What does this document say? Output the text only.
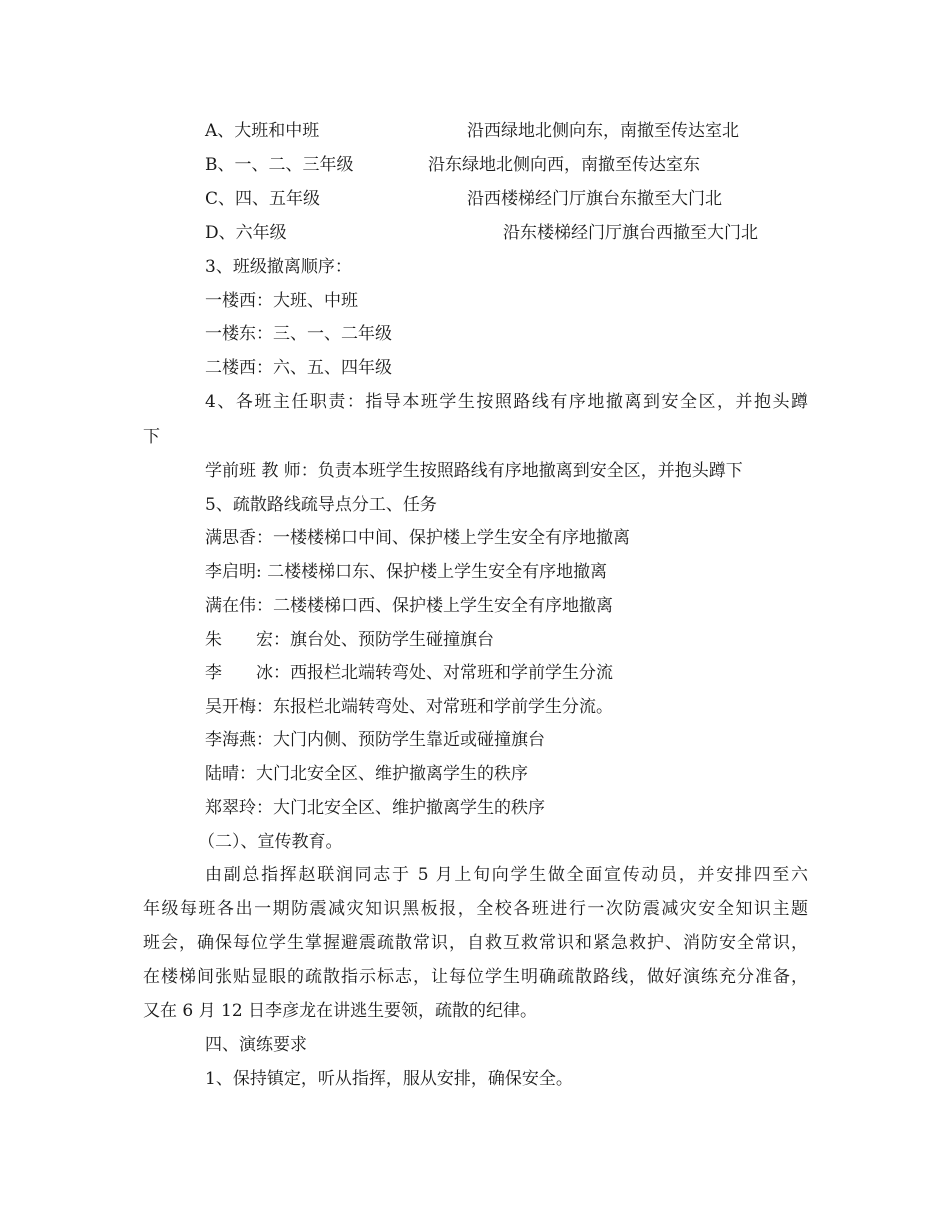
A、大班和中班	沿西绿地北侧向东，南撤至传达室北
B、一、二、三年级	沿东绿地北侧向西，南撤至传达室东
C、四、五年级	沿西楼梯经门厅旗台东撤至大门北
D、六年级	沿东楼梯经门厅旗台西撤至大门北
3、班级撤离顺序：
一楼西：大班、中班
一楼东：三、一、二年级
二楼西：六、五、四年级
4、各班主任职责：指导本班学生按照路线有序地撤离到安全区，并抱头蹲
下
学前班 教 师：负责本班学生按照路线有序地撤离到安全区，并抱头蹲下
5、疏散路线疏导点分工、任务
满思香：一楼楼梯口中间、保护楼上学生安全有序地撤离
李启明: 二楼楼梯口东、保护楼上学生安全有序地撤离
满在伟：二楼楼梯口西、保护楼上学生安全有序地撤离
朱　　宏：旗台处、预防学生碰撞旗台
李　　冰：西报栏北端转弯处、对常班和学前学生分流
吴开梅：东报栏北端转弯处、对常班和学前学生分流。
李海燕：大门内侧、预防学生靠近或碰撞旗台
陆晴：大门北安全区、维护撤离学生的秩序
郑翠玲：大门北安全区、维护撤离学生的秩序
（二）、宣传教育。
由副总指挥赵联润同志于 5 月上旬向学生做全面宣传动员，并安排四至六
年级每班各出一期防震减灾知识黑板报，全校各班进行一次防震减灾安全知识主题
班会，确保每位学生掌握避震疏散常识，自救互救常识和紧急救护、消防安全常识，
在楼梯间张贴显眼的疏散指示标志，让每位学生明确疏散路线，做好演练充分准备，
又在 6 月 12 日李彦龙在讲逃生要领，疏散的纪律。
四、演练要求
1、保持镇定，听从指挥，服从安排，确保安全。
